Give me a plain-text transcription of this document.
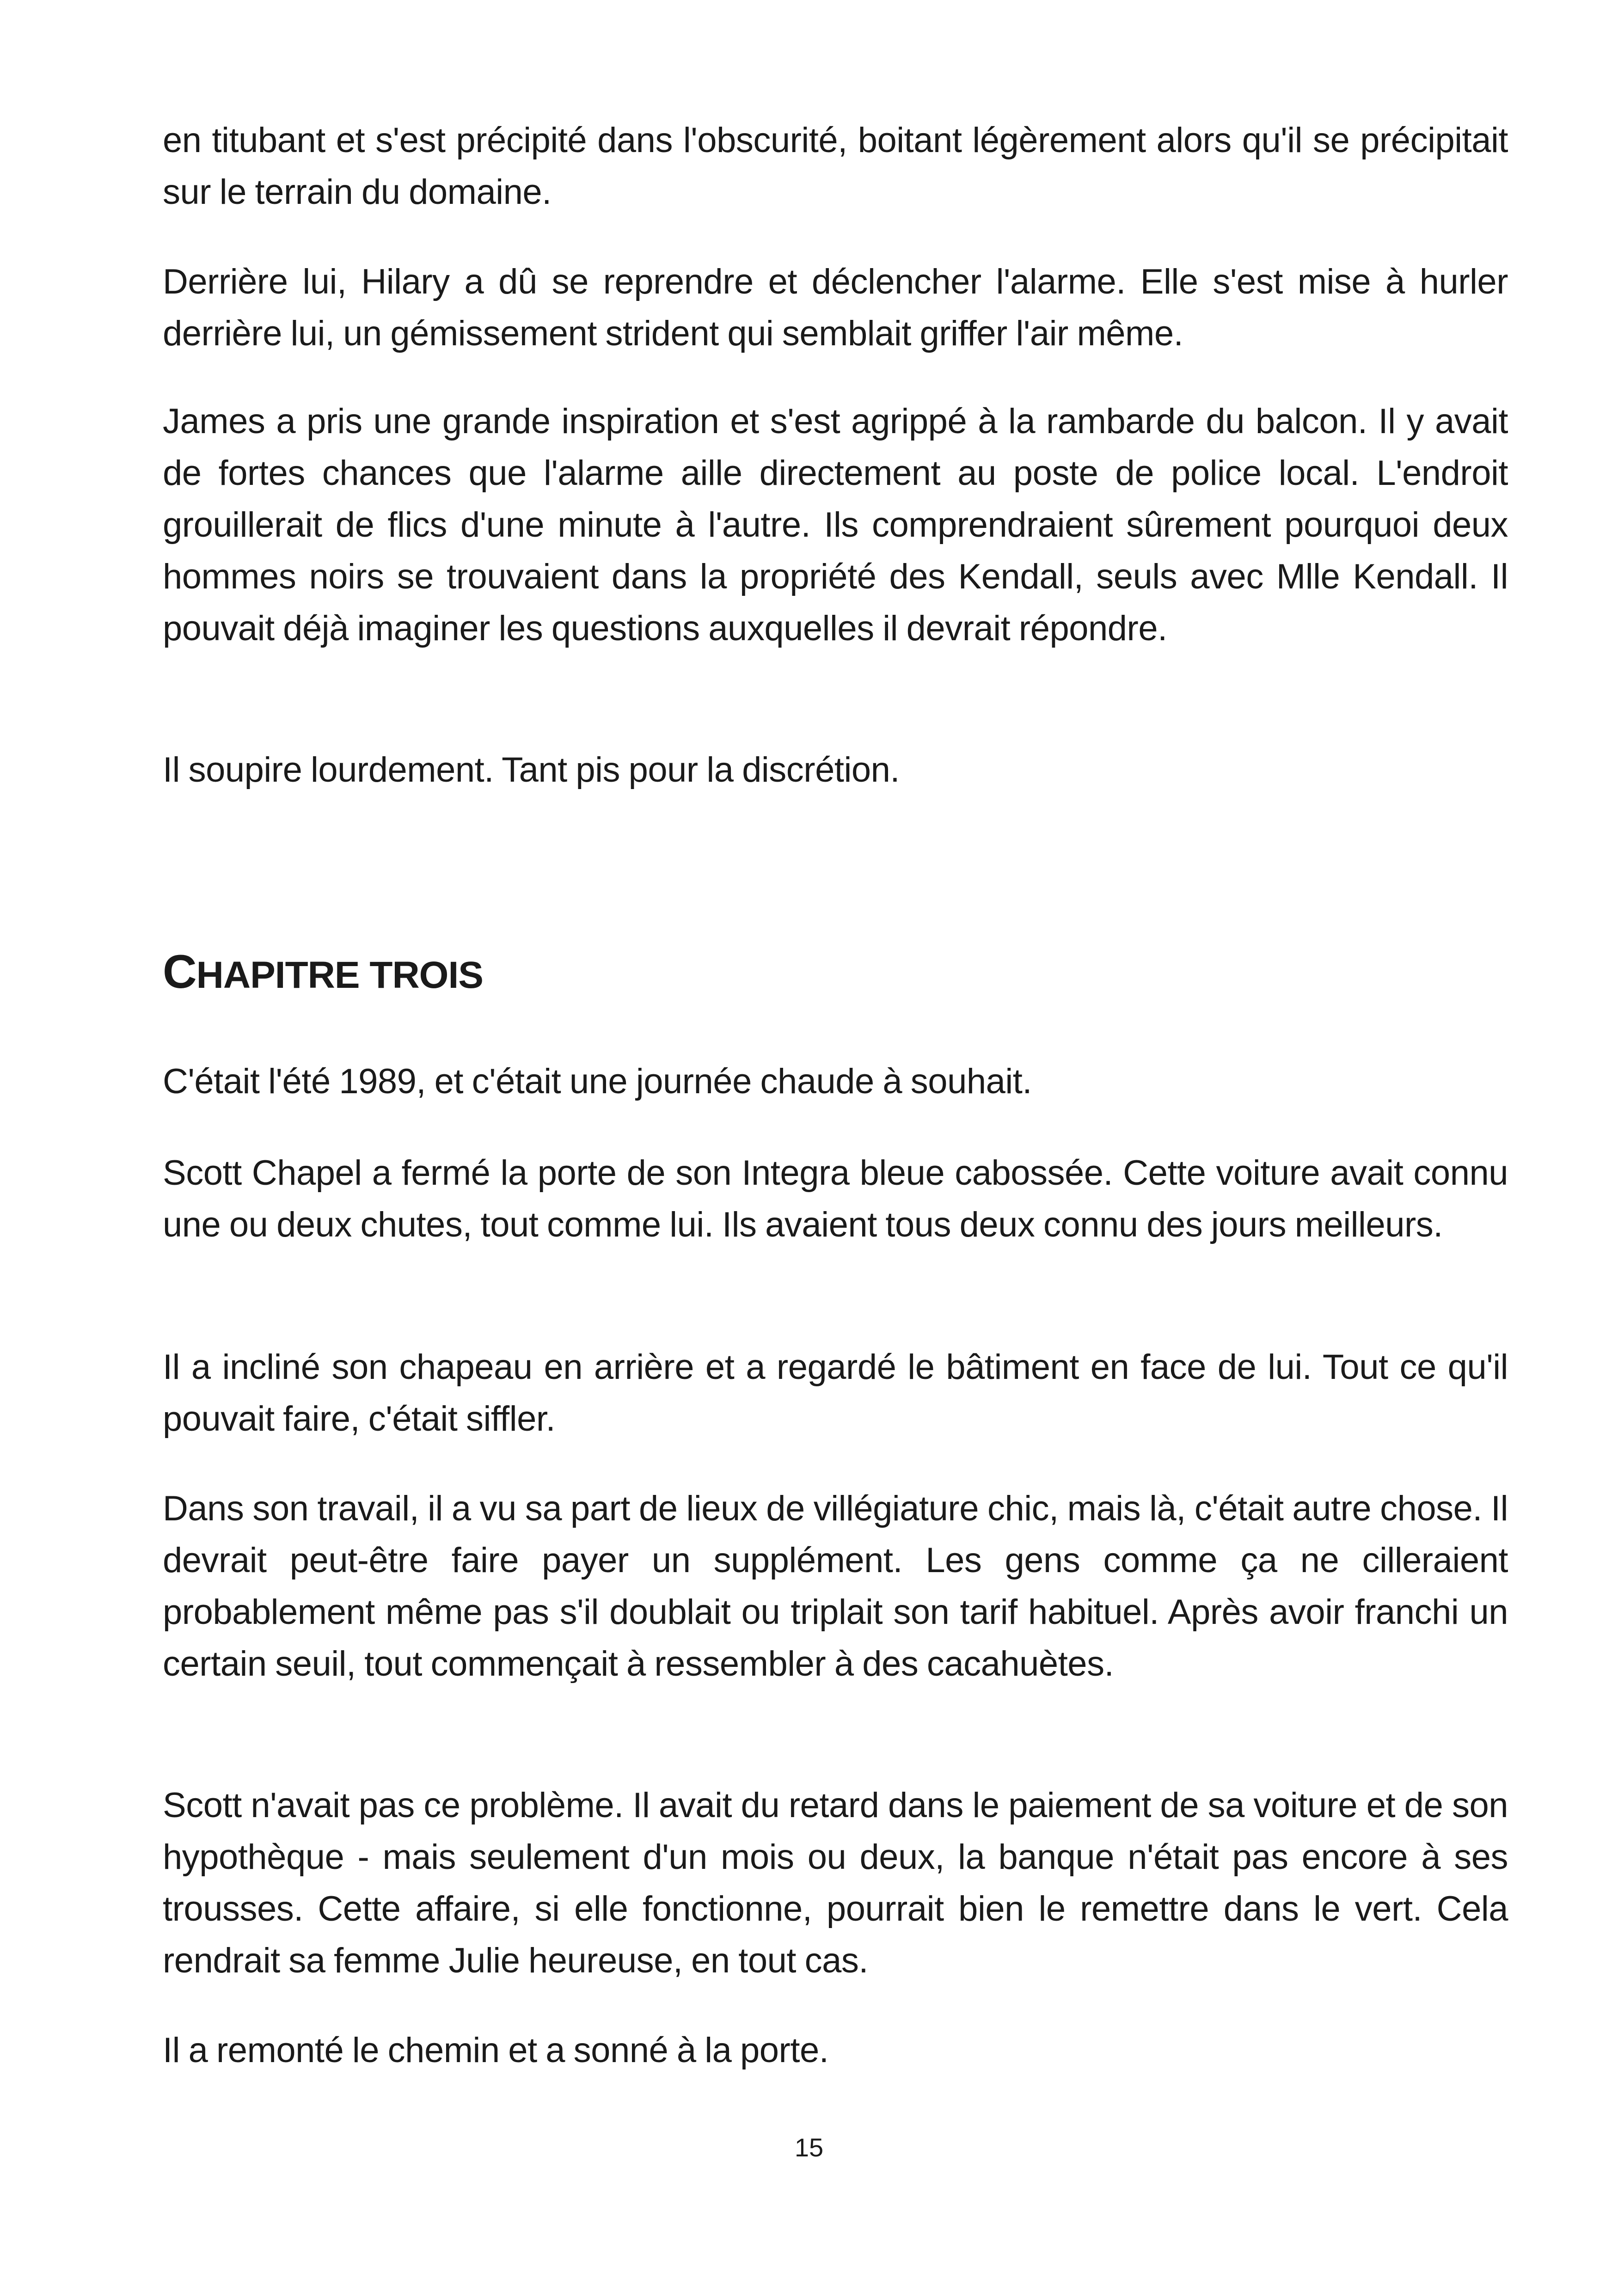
en titubant et s'est précipité dans l'obscurité, boitant légèrement alors qu'il se précipitait sur le terrain du domaine.

Derrière lui, Hilary a dû se reprendre et déclencher l'alarme. Elle s'est mise à hurler derrière lui, un gémissement strident qui semblait griffer l'air même.

James a pris une grande inspiration et s'est agrippé à la rambarde du balcon. Il y avait de fortes chances que l'alarme aille directement au poste de police local. L'endroit grouillerait de flics d'une minute à l'autre. Ils comprendraient sûrement pourquoi deux hommes noirs se trouvaient dans la propriété des Kendall, seuls avec Mlle Kendall. Il pouvait déjà imaginer les questions auxquelles il devrait répondre.

Il soupire lourdement. Tant pis pour la discrétion.

CHAPITRE TROIS

C'était l'été 1989, et c'était une journée chaude à souhait.

Scott Chapel a fermé la porte de son Integra bleue cabossée. Cette voiture avait connu une ou deux chutes, tout comme lui. Ils avaient tous deux connu des jours meilleurs.

Il a incliné son chapeau en arrière et a regardé le bâtiment en face de lui. Tout ce qu'il pouvait faire, c'était siffler.

Dans son travail, il a vu sa part de lieux de villégiature chic, mais là, c'était autre chose. Il devrait peut-être faire payer un supplément. Les gens comme ça ne cilleraient probablement même pas s'il doublait ou triplait son tarif habituel. Après avoir franchi un certain seuil, tout commençait à ressembler à des cacahuètes.

Scott n'avait pas ce problème. Il avait du retard dans le paiement de sa voiture et de son hypothèque - mais seulement d'un mois ou deux, la banque n'était pas encore à ses trousses. Cette affaire, si elle fonctionne, pourrait bien le remettre dans le vert. Cela rendrait sa femme Julie heureuse, en tout cas.

Il a remonté le chemin et a sonné à la porte.

15
